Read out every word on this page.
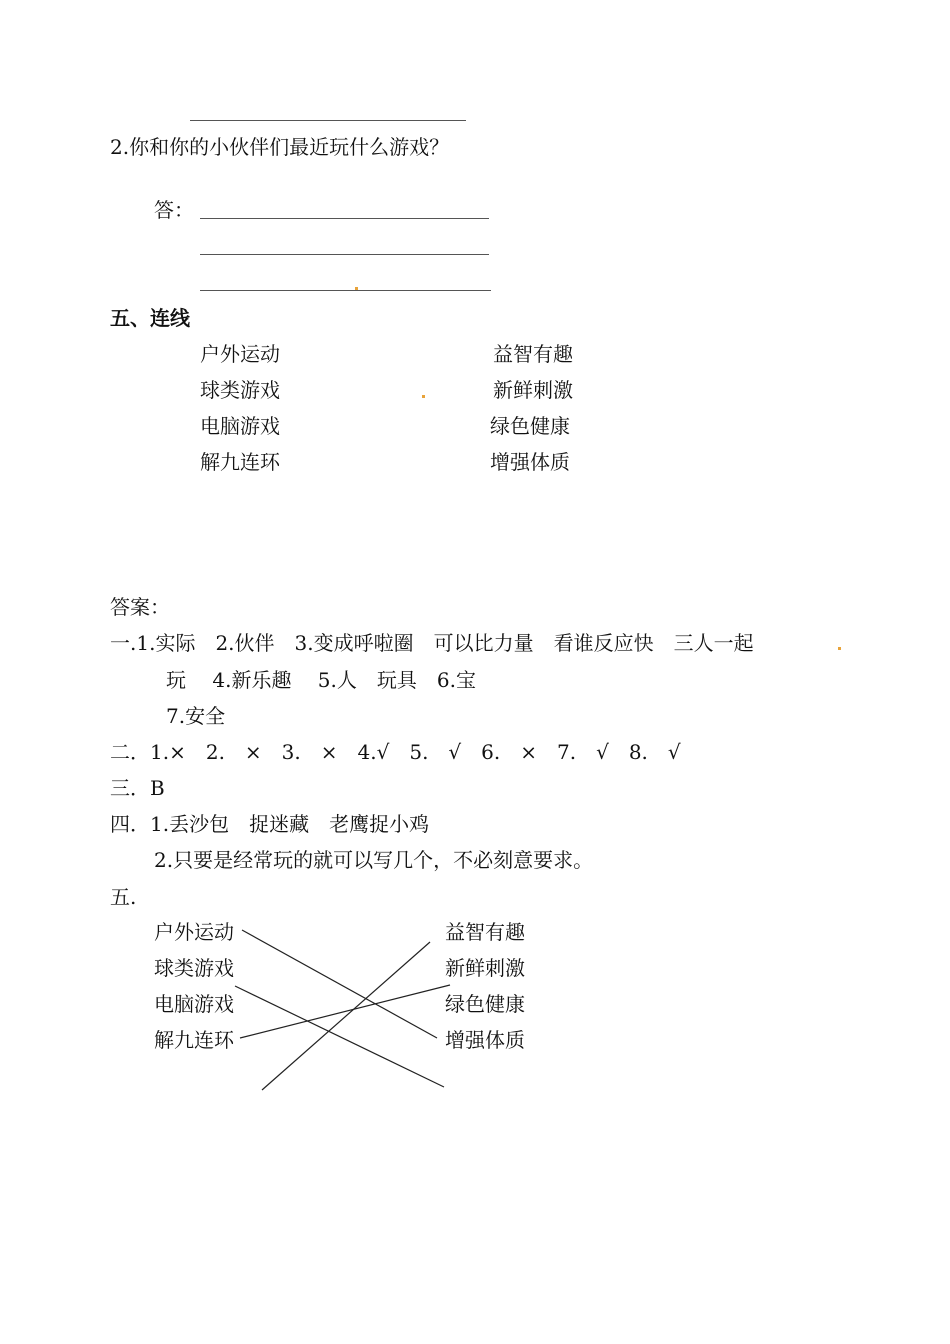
2.你和你的小伙伴们最近玩什么游戏？
答：
五、连线
户外运动
球类游戏
电脑游戏
解九连环
益智有趣
新鲜刺激
绿色健康
增强体质
答案：
一.1.实际　2.伙伴　3.变成呼啦圈　可以比力量　看谁反应快　三人一起
玩　 4.新乐趣　 5.人　玩具　6.宝
7.安全
二．1.×　2.　×　3.　×　4.√　5.　√　6.　×　7.　√　8.　√
三．B
四．1.丢沙包　捉迷藏　老鹰捉小鸡
2.只要是经常玩的就可以写几个，不必刻意要求。
五.
户外运动
球类游戏
电脑游戏
解九连环
益智有趣
新鲜刺激
绿色健康
增强体质
